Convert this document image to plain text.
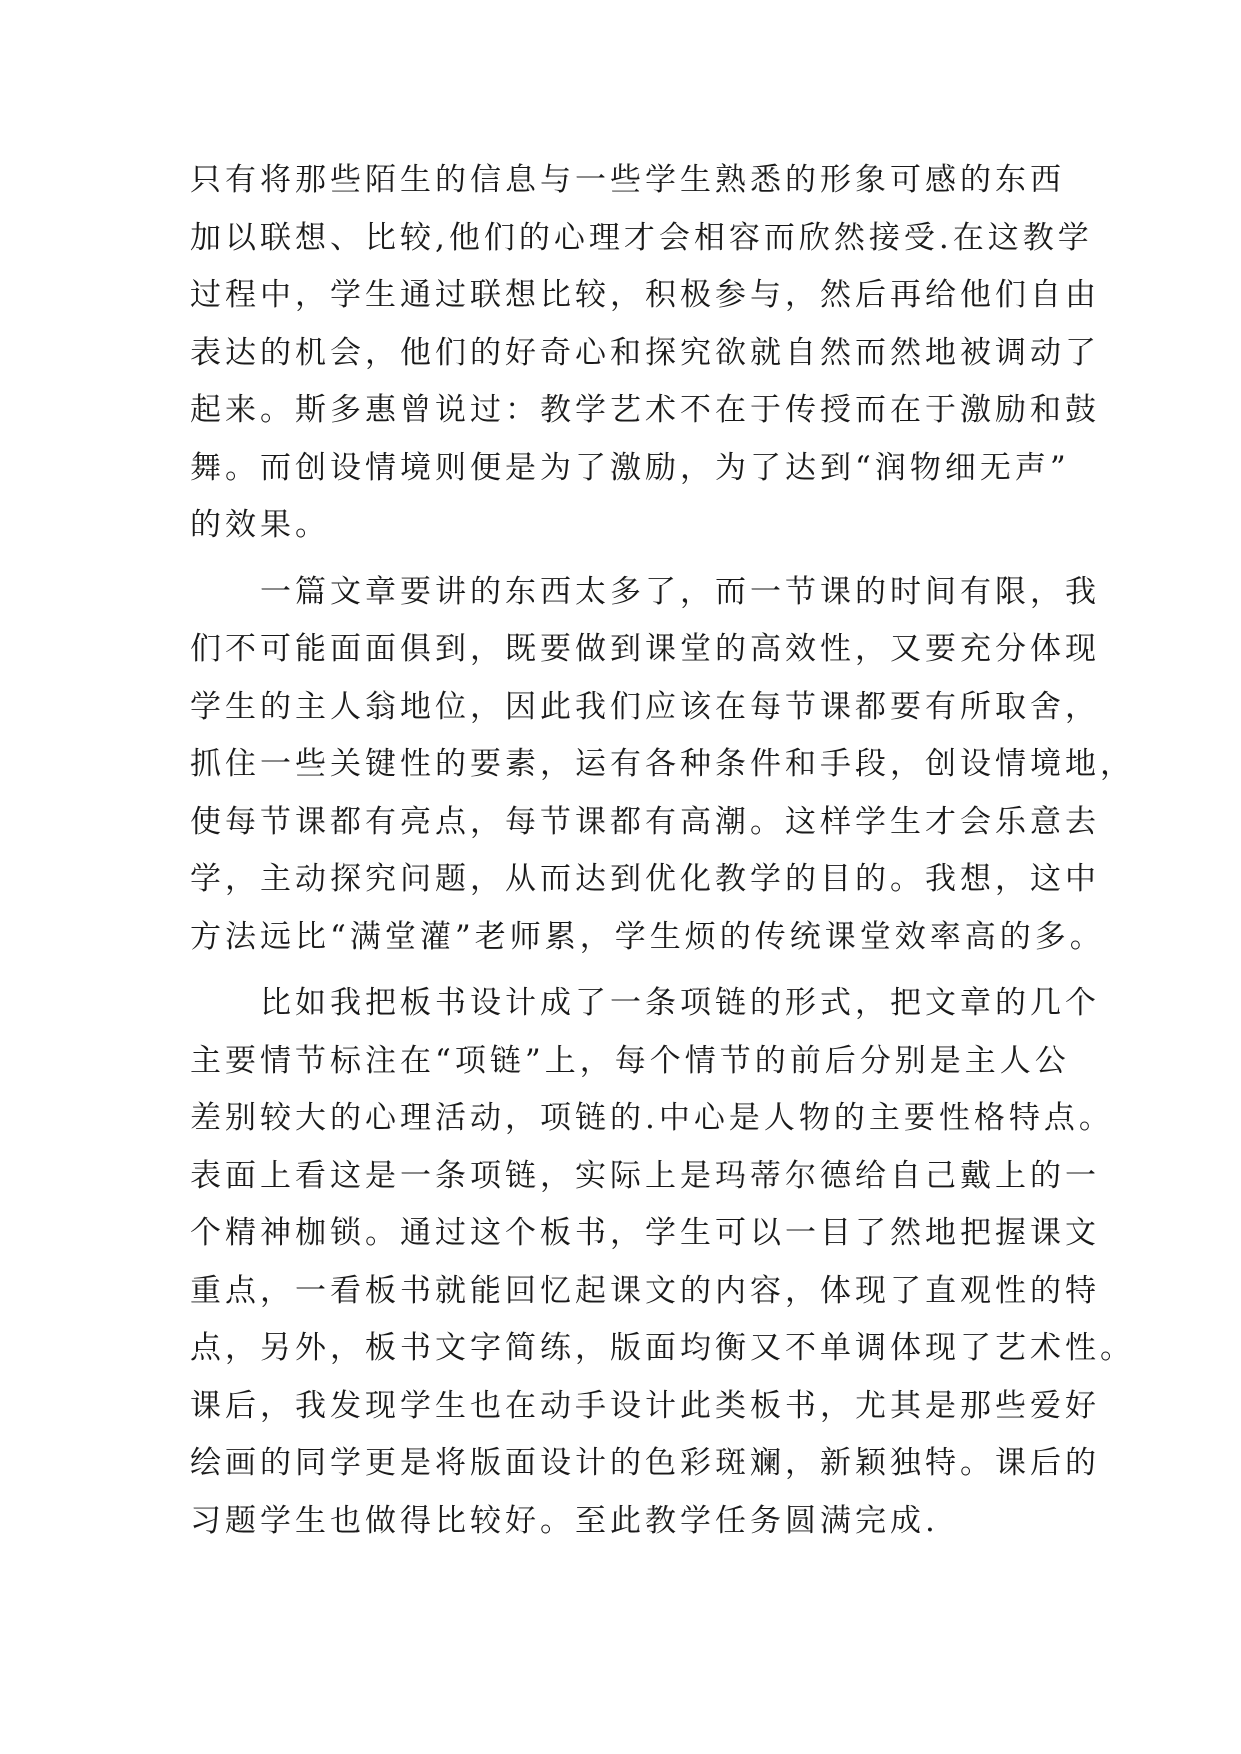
只有将那些陌生的信息与一些学生熟悉的形象可感的东西
加以联想、比较,他们的心理才会相容而欣然接受.在这教学
过程中，学生通过联想比较，积极参与，然后再给他们自由
表达的机会，他们的好奇心和探究欲就自然而然地被调动了
起来。斯多惠曾说过：教学艺术不在于传授而在于激励和鼓
舞。而创设情境则便是为了激励，为了达到“润物细无声”
的效果。
　　一篇文章要讲的东西太多了，而一节课的时间有限，我
们不可能面面俱到，既要做到课堂的高效性，又要充分体现
学生的主人翁地位，因此我们应该在每节课都要有所取舍，
抓住一些关键性的要素，运有各种条件和手段，创设情境地，
使每节课都有亮点，每节课都有高潮。这样学生才会乐意去
学，主动探究问题，从而达到优化教学的目的。我想，这中
方法远比“满堂灌”老师累，学生烦的传统课堂效率高的多。
　　比如我把板书设计成了一条项链的形式，把文章的几个
主要情节标注在“项链”上，每个情节的前后分别是主人公
差别较大的心理活动，项链的.中心是人物的主要性格特点。
表面上看这是一条项链，实际上是玛蒂尔德给自己戴上的一
个精神枷锁。通过这个板书，学生可以一目了然地把握课文
重点，一看板书就能回忆起课文的内容，体现了直观性的特
点，另外，板书文字简练，版面均衡又不单调体现了艺术性。
课后，我发现学生也在动手设计此类板书，尤其是那些爱好
绘画的同学更是将版面设计的色彩斑斓，新颖独特。课后的
习题学生也做得比较好。至此教学任务圆满完成.
